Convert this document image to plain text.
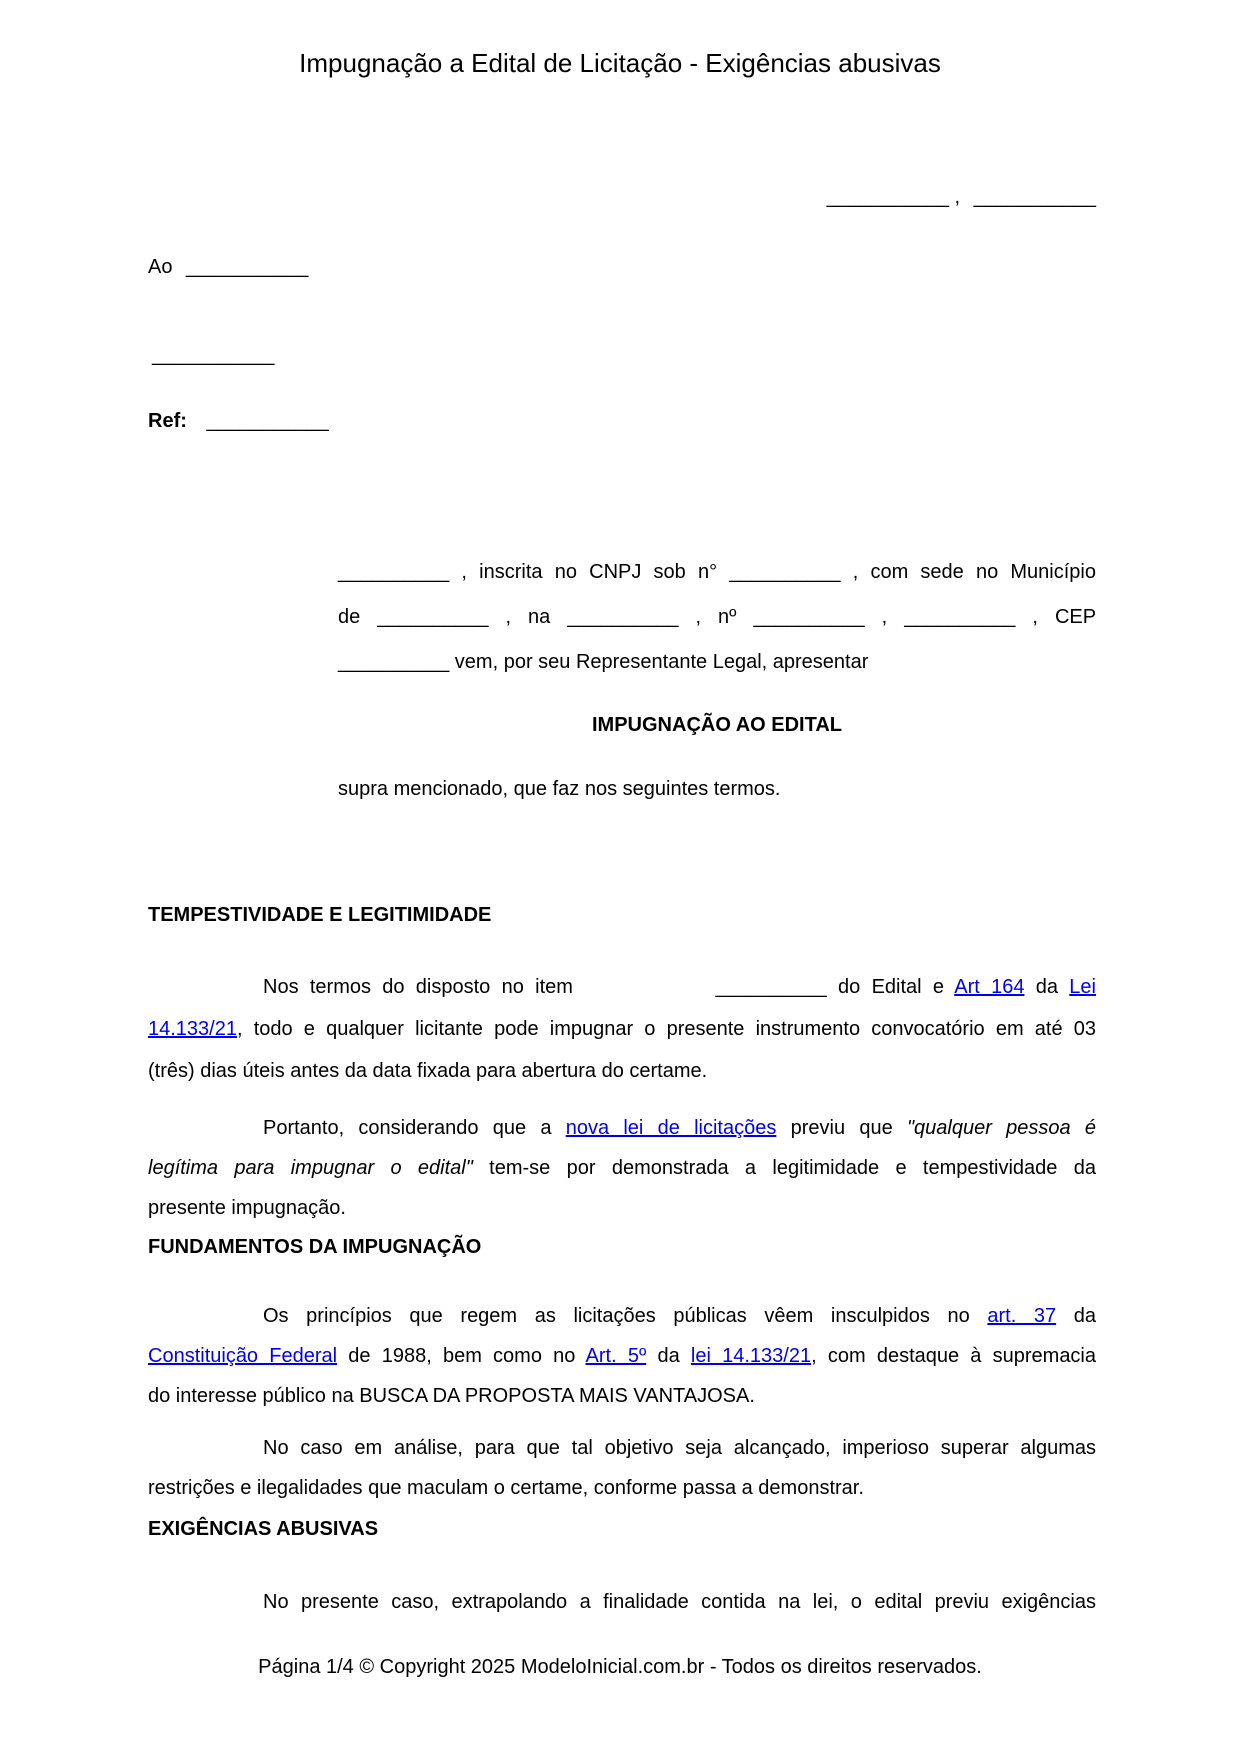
Impugnação a Edital de Licitação - Exigências abusivas
___________ , ___________
Ao ___________
___________
Ref: ___________
__________ , inscrita no CNPJ sob n° __________ , com sede no Município
de __________ , na __________ , nº __________ , __________ , CEP
__________ vem, por seu Representante Legal, apresentar
IMPUGNAÇÃO AO EDITAL
supra mencionado, que faz nos seguintes termos.
TEMPESTIVIDADE E LEGITIMIDADE
Nos termos do disposto no item	__________ do Edital e Art 164 da Lei
14.133/21, todo e qualquer licitante pode impugnar o presente instrumento convocatório em até 03
(três) dias úteis antes da data fixada para abertura do certame.
Portanto, considerando que a nova lei de licitações previu que "qualquer pessoa é
legítima para impugnar o edital" tem-se por demonstrada a legitimidade e tempestividade da
presente impugnação.
FUNDAMENTOS DA IMPUGNAÇÃO
Os princípios que regem as licitações públicas vêem insculpidos no art. 37 da
Constituição Federal de 1988, bem como no Art. 5º da lei 14.133/21, com destaque à supremacia
do interesse público na BUSCA DA PROPOSTA MAIS VANTAJOSA.
No caso em análise, para que tal objetivo seja alcançado, imperioso superar algumas
restrições e ilegalidades que maculam o certame, conforme passa a demonstrar.
EXIGÊNCIAS ABUSIVAS
No presente caso, extrapolando a finalidade contida na lei, o edital previu exigências
Página 1/4 © Copyright 2025 ModeloInicial.com.br - Todos os direitos reservados.
